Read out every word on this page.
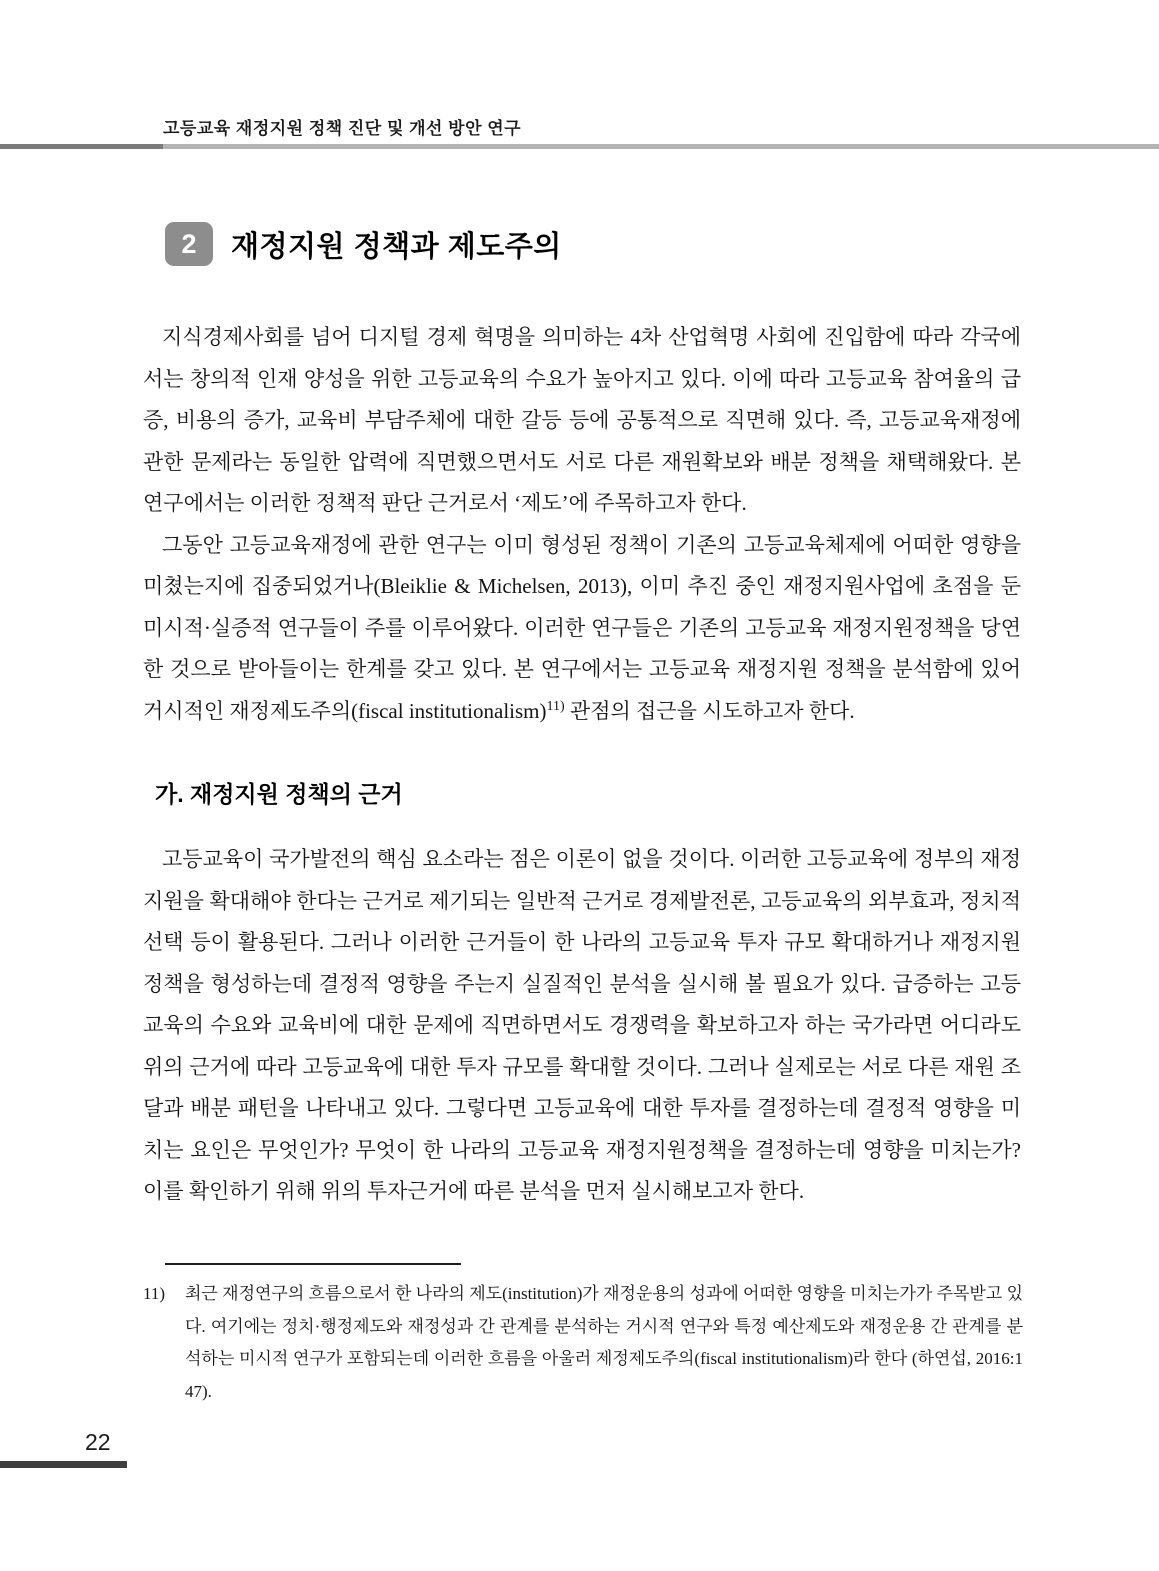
고등교육 재정지원 정책 진단 및 개선 방안 연구
2	재정지원 정책과 제도주의

지식경제사회를 넘어 디지털 경제 혁명을 의미하는 4차 산업혁명 사회에 진입함에 따라 각국에서는 창의적 인재 양성을 위한 고등교육의 수요가 높아지고 있다. 이에 따라 고등교육 참여율의 급증, 비용의 증가, 교육비 부담주체에 대한 갈등 등에 공통적으로 직면해 있다. 즉, 고등교육재정에 관한 문제라는 동일한 압력에 직면했으면서도 서로 다른 재원확보와 배분 정책을 채택해왔다. 본 연구에서는 이러한 정책적 판단 근거로서 ‘제도’에 주목하고자 한다.

그동안 고등교육재정에 관한 연구는 이미 형성된 정책이 기존의 고등교육체제에 어떠한 영향을 미쳤는지에 집중되었거나(Bleiklie & Michelsen, 2013), 이미 추진 중인 재정지원사업에 초점을 둔 미시적·실증적 연구들이 주를 이루어왔다. 이러한 연구들은 기존의 고등교육 재정지원정책을 당연한 것으로 받아들이는 한계를 갖고 있다. 본 연구에서는 고등교육 재정지원 정책을 분석함에 있어 거시적인 재정제도주의(fiscal institutionalism)$^{11)}$ 관점의 접근을 시도하고자 한다.

가. 재정지원 정책의 근거

고등교육이 국가발전의 핵심 요소라는 점은 이론이 없을 것이다. 이러한 고등교육에 정부의 재정지원을 확대해야 한다는 근거로 제기되는 일반적 근거로 경제발전론, 고등교육의 외부효과, 정치적 선택 등이 활용된다. 그러나 이러한 근거들이 한 나라의 고등교육 투자 규모 확대하거나 재정지원 정책을 형성하는데 결정적 영향을 주는지 실질적인 분석을 실시해 볼 필요가 있다. 급증하는 고등교육의 수요와 교육비에 대한 문제에 직면하면서도 경쟁력을 확보하고자 하는 국가라면 어디라도 위의 근거에 따라 고등교육에 대한 투자 규모를 확대할 것이다. 그러나 실제로는 서로 다른 재원 조달과 배분 패턴을 나타내고 있다. 그렇다면 고등교육에 대한 투자를 결정하는데 결정적 영향을 미치는 요인은 무엇인가? 무엇이 한 나라의 고등교육 재정지원정책을 결정하는데 영향을 미치는가? 이를 확인하기 위해 위의 투자근거에 따른 분석을 먼저 실시해보고자 한다.

11)	최근 재정연구의 흐름으로서 한 나라의 제도(institution)가 재정운용의 성과에 어떠한 영향을 미치는가가 주목받고 있다. 여기에는 정치·행정제도와 재정성과 간 관계를 분석하는 거시적 연구와 특정 예산제도와 재정운용 간 관계를 분석하는 미시적 연구가 포함되는데 이러한 흐름을 아울러 제정제도주의(fiscal institutionalism)라 한다 (하연섭, 2016:147).
22
